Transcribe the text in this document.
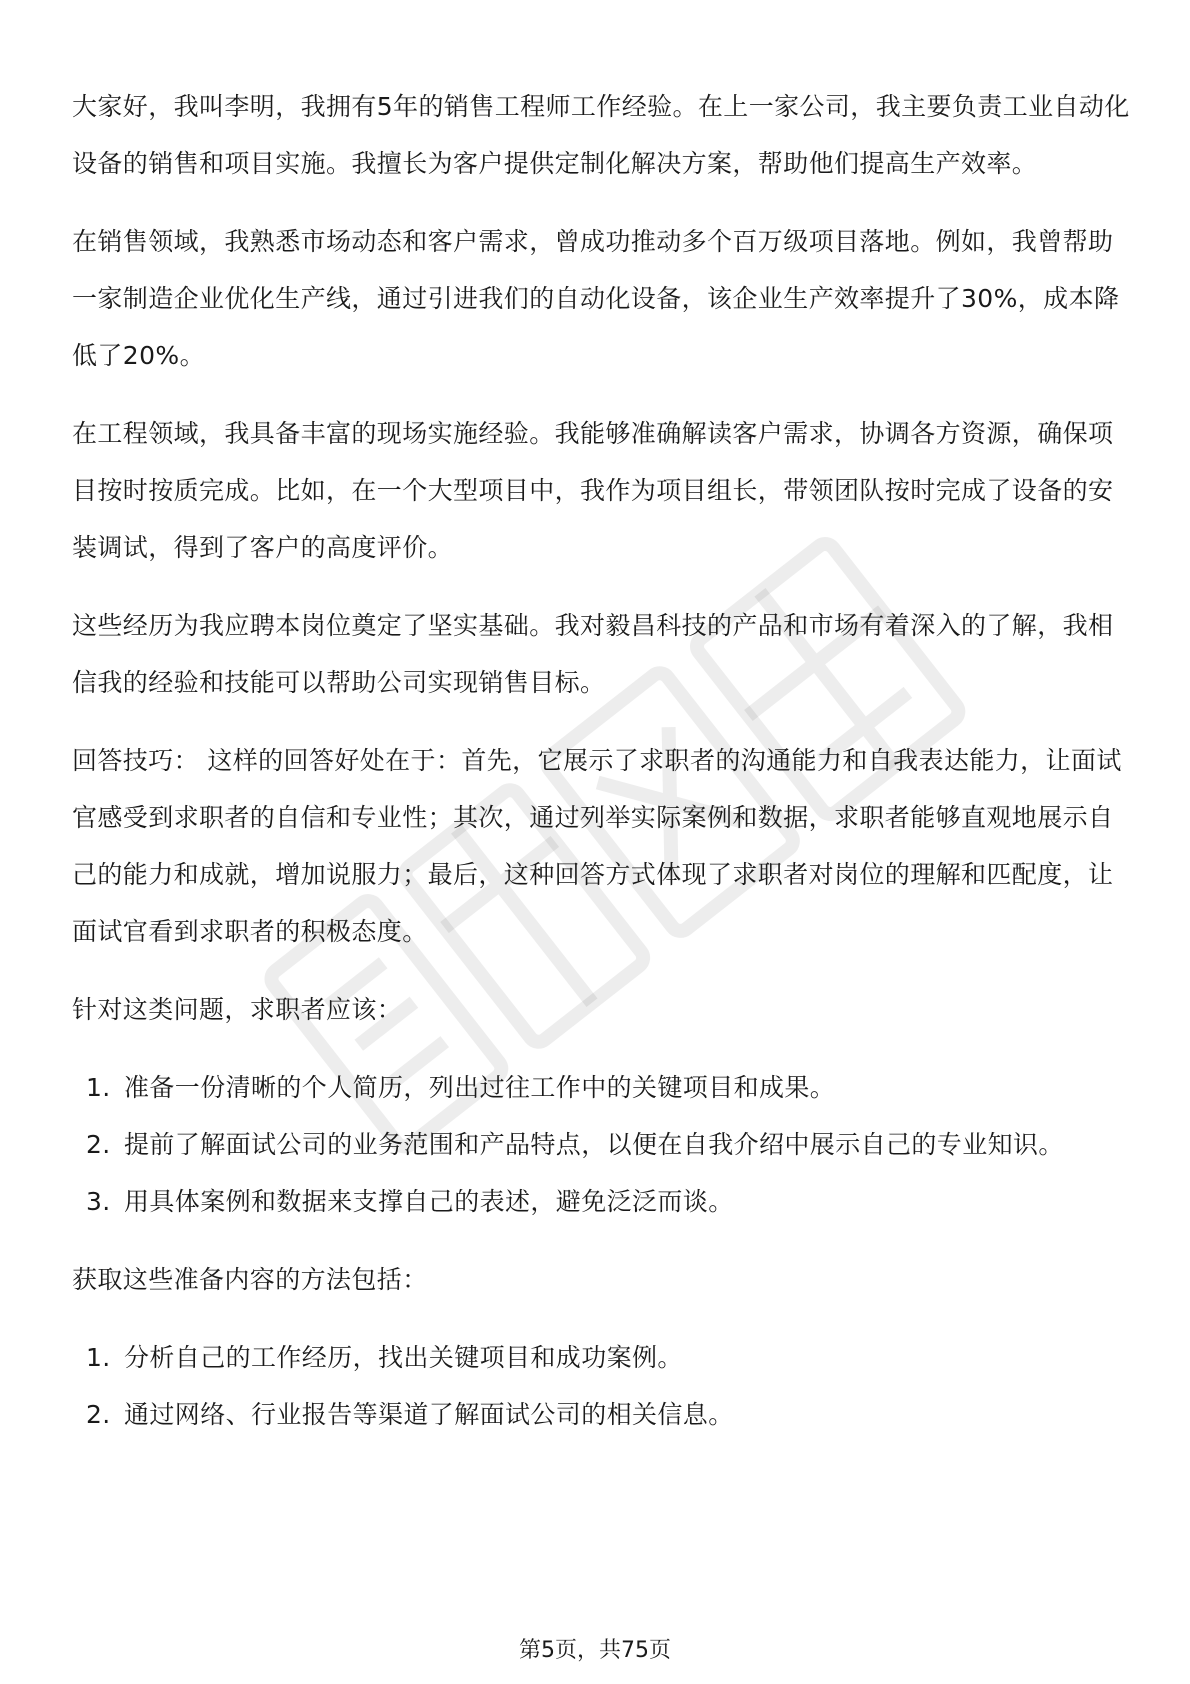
大家好，我叫李明，我拥有5年的销售工程师工作经验。在上一家公司，我主要负责工业自动化设备的销售和项目实施。我擅长为客户提供定制化解决方案，帮助他们提高生产效率。

在销售领域，我熟悉市场动态和客户需求，曾成功推动多个百万级项目落地。例如，我曾帮助一家制造企业优化生产线，通过引进我们的自动化设备，该企业生产效率提升了30%，成本降低了20%。

在工程领域，我具备丰富的现场实施经验。我能够准确解读客户需求，协调各方资源，确保项目按时按质完成。比如，在一个大型项目中，我作为项目组长，带领团队按时完成了设备的安装调试，得到了客户的高度评价。

这些经历为我应聘本岗位奠定了坚实基础。我对毅昌科技的产品和市场有着深入的了解，我相信我的经验和技能可以帮助公司实现销售目标。

回答技巧： 这样的回答好处在于：首先，它展示了求职者的沟通能力和自我表达能力，让面试官感受到求职者的自信和专业性；其次，通过列举实际案例和数据，求职者能够直观地展示自己的能力和成就，增加说服力；最后，这种回答方式体现了求职者对岗位的理解和匹配度，让面试官看到求职者的积极态度。

针对这类问题，求职者应该：

1. 准备一份清晰的个人简历，列出过往工作中的关键项目和成果。
2. 提前了解面试公司的业务范围和产品特点，以便在自我介绍中展示自己的专业知识。
3. 用具体案例和数据来支撑自己的表述，避免泛泛而谈。

获取这些准备内容的方法包括：

1. 分析自己的工作经历，找出关键项目和成功案例。
2. 通过网络、行业报告等渠道了解面试公司的相关信息。
第5页，共75页
